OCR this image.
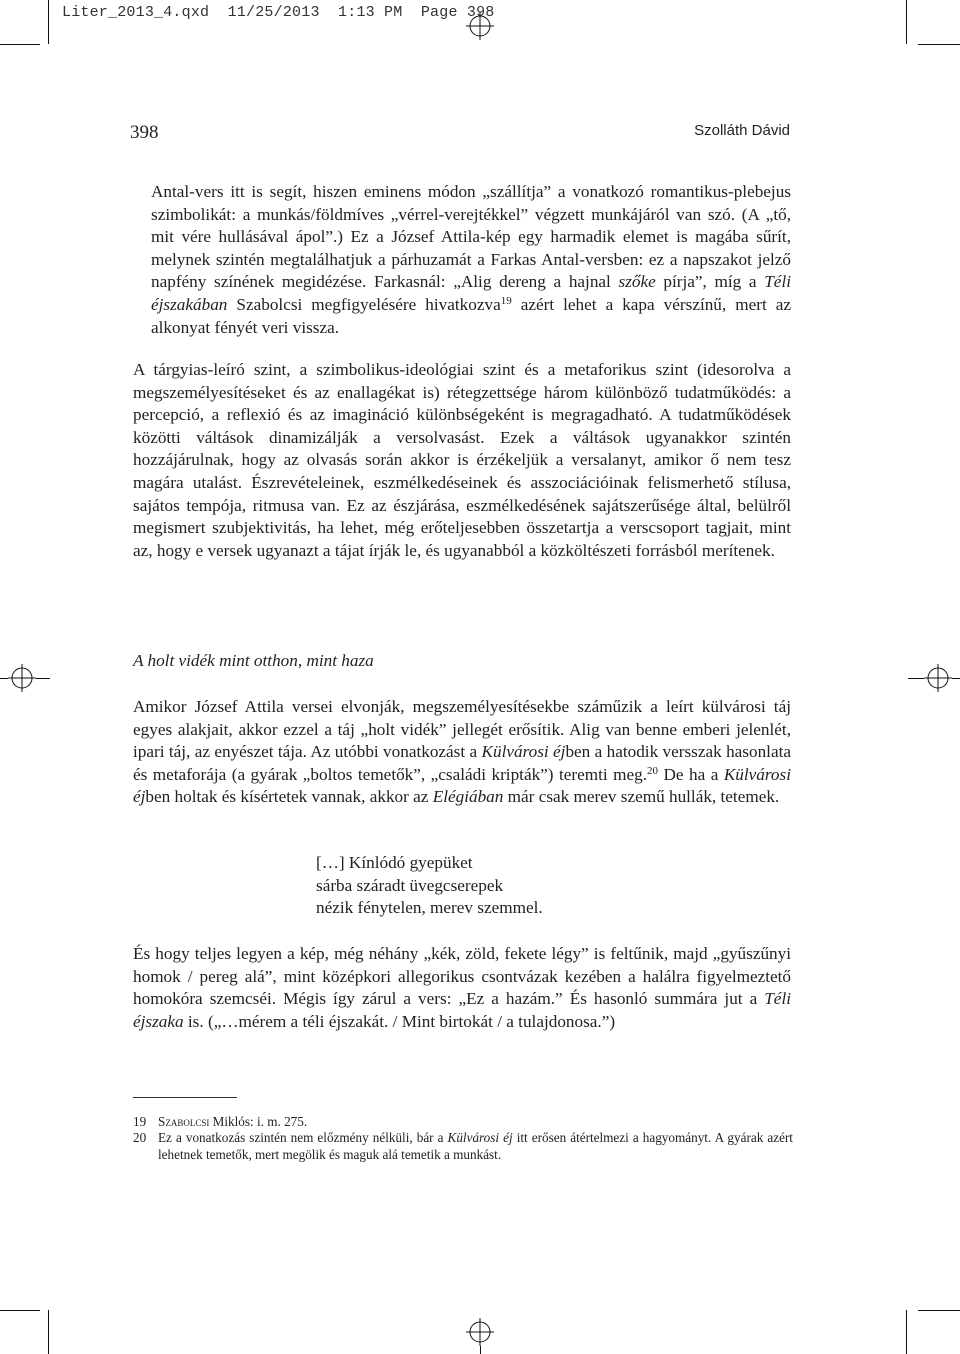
Liter_2013_4.qxd  11/25/2013  1:13 PM  Page 398
398	Szolláth Dávid
Antal-vers itt is segít, hiszen eminens módon „szállítja” a vonatkozó romantikus-plebejus szimbolikát: a munkás/földmíves „vérrel-verejtékkel” végzett munkájáról van szó. (A „tő, mit vére hullásával ápol”.) Ez a József Attila-kép egy harmadik elemet is magába sűrít, melynek szintén megtalálhatjuk a párhuzamát a Farkas Antal-versben: ez a napszakot jelző napfény színének megidézése. Farkasnál: „Alig dereng a hajnal szőke pírja”, míg a Téli éjszakában Szabolcsi megfigyelésére hivatkozva$^{19}$ azért lehet a kapa vérszínű, mert az alkonyat fényét veri vissza.
A tárgyias-leíró szint, a szimbolikus-ideológiai szint és a metaforikus szint (idesorolva a megszemélyesítéseket és az enallagékat is) rétegzettsége három különböző tudatműködés: a percepció, a reflexió és az imagináció különbségeként is megragadható. A tudatműködések közötti váltások dinamizálják a versolvasást. Ezek a váltások ugyanakkor szintén hozzájárulnak, hogy az olvasás során akkor is érzékeljük a versalanyt, amikor ő nem tesz magára utalást. Észrevételeinek, eszmélkedéseinek és asszociációinak felismerhető stílusa, sajátos tempója, ritmusa van. Ez az észjárása, eszmélkedésének sajátszerűsége által, belülről megismert szubjektivitás, ha lehet, még erőteljesebben összetartja a verscsoport tagjait, mint az, hogy e versek ugyanazt a tájat írják le, és ugyanabból a közköltészeti forrásból merítenek.
A holt vidék mint otthon, mint haza
Amikor József Attila versei elvonják, megszemélyesítésekbe száműzik a leírt külvárosi táj egyes alakjait, akkor ezzel a táj „holt vidék” jellegét erősítik. Alig van benne emberi jelenlét, ipari táj, az enyészet tája. Az utóbbi vonatkozást a Külvárosi éjben a hatodik versszak hasonlata és metaforája (a gyárak „boltos temetők”, „családi kripták”) teremti meg.$^{20}$ De ha a Külvárosi éjben holtak és kísértetek vannak, akkor az Elégiában már csak merev szemű hullák, tetemek.
[…] Kínlódó gyepüket
sárba száradt üvegcserepek
nézik fénytelen, merev szemmel.
És hogy teljes legyen a kép, még néhány „kék, zöld, fekete légy” is feltűnik, majd „gyűszűnyi homok / pereg alá”, mint középkori allegorikus csontvázak kezében a halálra figyelmeztető homokóra szemcséi. Mégis így zárul a vers: „Ez a hazám.” És hasonló summára jut a Téli éjszaka is. („…mérem a téli éjszakát. / Mint birtokát / a tulajdonosa.”)
19 Szabolcsi Miklós: i. m. 275.
20 Ez a vonatkozás szintén nem előzmény nélküli, bár a Külvárosi éj itt erősen átértelmezi a hagyományt. A gyárak azért lehetnek temetők, mert megölik és maguk alá temetik a munkást.
